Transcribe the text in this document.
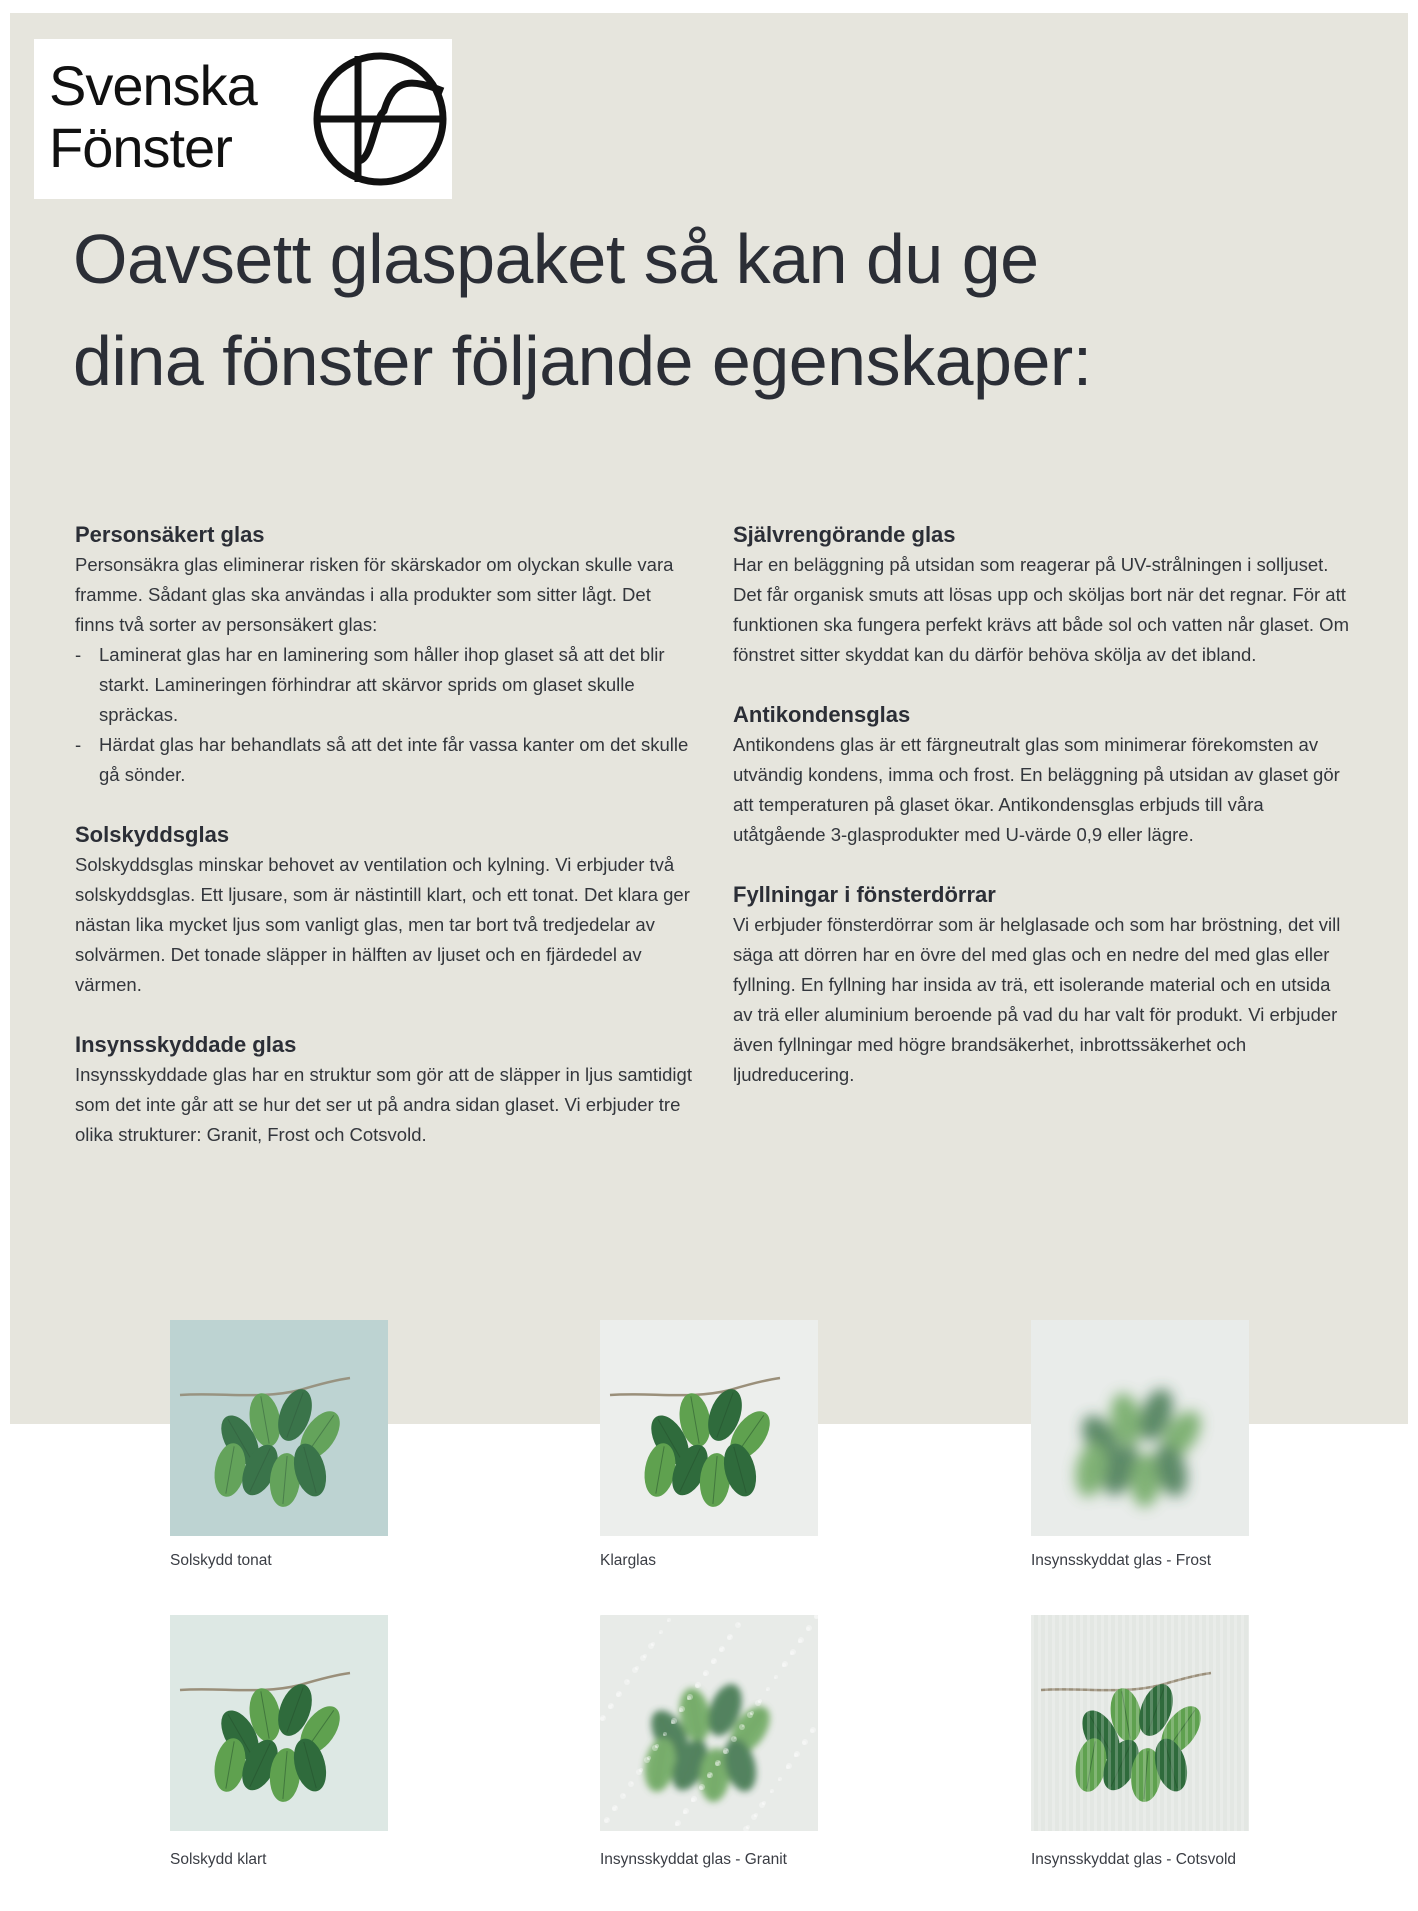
Svenska
Fönster
Oavsett glaspaket så kan du ge
dina fönster följande egenskaper:
Personsäkert glas

Personsäkra glas eliminerar risken för skärskador om olyckan skulle vara framme. Sådant glas ska användas i alla produkter som sitter lågt. Det finns två sorter av personsäkert glas:

- Laminerat glas har en laminering som håller ihop glaset så att det blir starkt. Lamineringen förhindrar att skärvor sprids om glaset skulle spräckas.
- Härdat glas har behandlats så att det inte får vassa kanter om det skulle gå sönder.
Solskyddsglas

Solskyddsglas minskar behovet av ventilation och kylning. Vi erbjuder två solskyddsglas. Ett ljusare, som är nästintill klart, och ett tonat. Det klara ger nästan lika mycket ljus som vanligt glas, men tar bort två tredjedelar av solvärmen. Det tonade släpper in hälften av ljuset och en fjärdedel av värmen.

Insynsskyddade glas

Insynsskyddade glas har en struktur som gör att de släpper in ljus samtidigt som det inte går att se hur det ser ut på andra sidan glaset. Vi erbjuder tre olika strukturer: Granit, Frost och Cotsvold.

Självrengörande glas

Har en beläggning på utsidan som reagerar på UV-strålningen i solljuset. Det får organisk smuts att lösas upp och sköljas bort när det regnar. För att funktionen ska fungera perfekt krävs att både sol och vatten når glaset. Om fönstret sitter skyddat kan du därför behöva skölja av det ibland.

Antikondensglas

Antikondens glas är ett färgneutralt glas som minimerar förekomsten av utvändig kondens, imma och frost. En beläggning på utsidan av glaset gör att temperaturen på glaset ökar. Antikondensglas erbjuds till våra utåtgående 3-glasprodukter med U-värde 0,9 eller lägre.

Fyllningar i fönsterdörrar

Vi erbjuder fönsterdörrar som är helglasade och som har bröstning, det vill säga att dörren har en övre del med glas och en nedre del med glas eller fyllning. En fyllning har insida av trä, ett isolerande material och en utsida av trä eller aluminium beroende på vad du har valt för produkt. Vi erbjuder även fyllningar med högre brandsäkerhet, inbrottssäkerhet och ljudreducering.

Solskydd tonat	Klarglas	Insynsskyddat glas - Frost
Solskydd klart	Insynsskyddat glas - Granit	Insynsskyddat glas - Cotsvold
